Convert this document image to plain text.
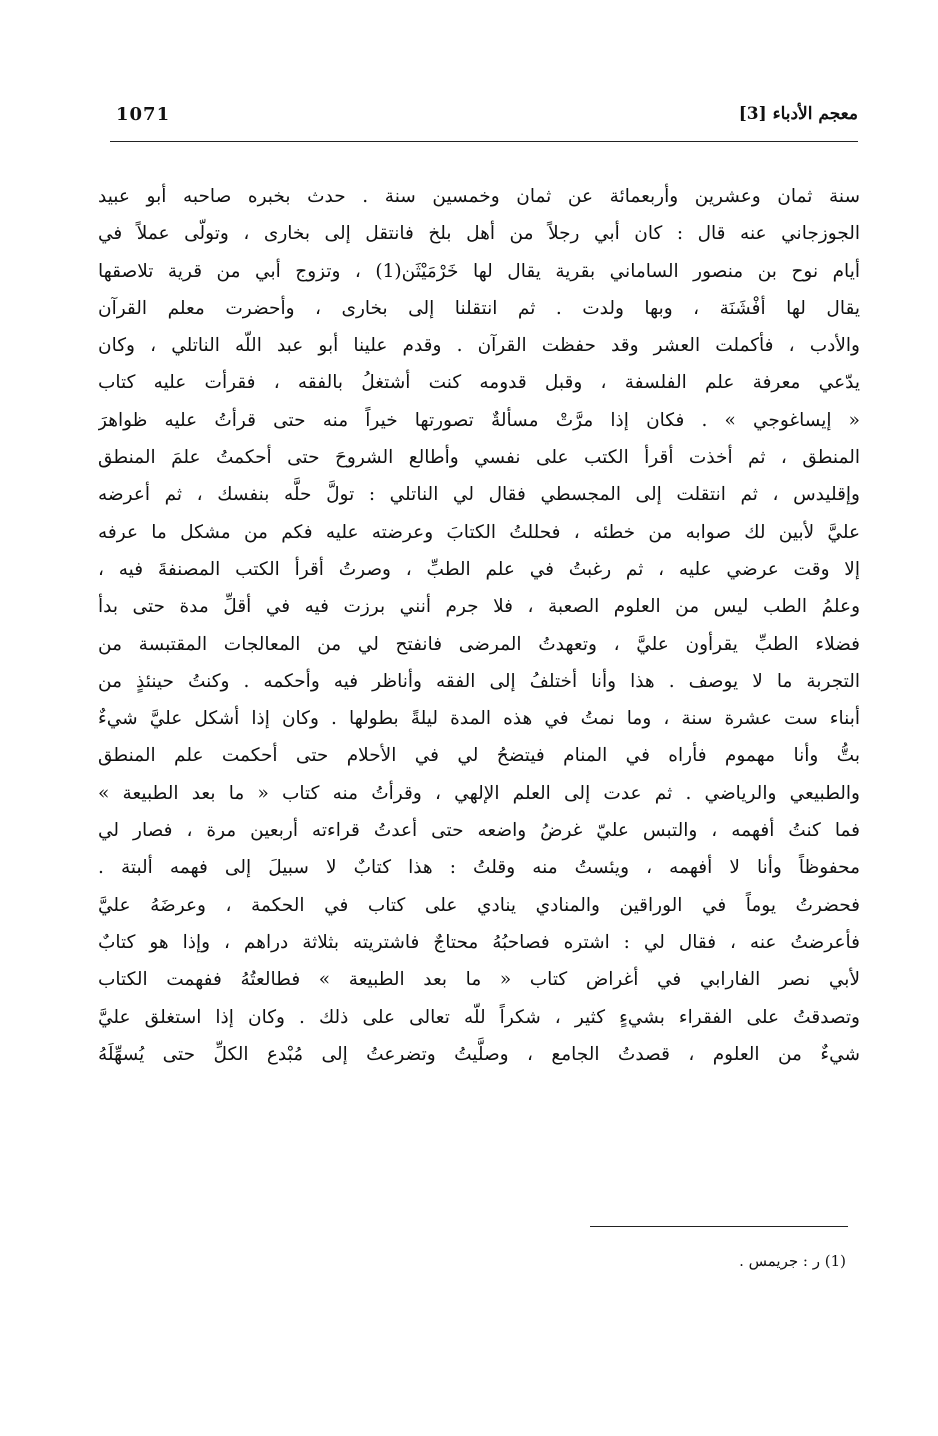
معجم الأدباء [3]
1071
سنة ثمان وعشرين وأربعمائة عن ثمان وخمسين سنة . حدث بخبره صاحبه أبو عبيد
الجوزجاني عنه قال : كان أبي رجلاً من أهل بلخ فانتقل إلى بخارى ، وتولّى عملاً في
أيام نوح بن منصور الساماني بقرية يقال لها خَرْمَيْثَن(1) ، وتزوج أبي من قرية تلاصقها
يقال لها أفْشَنَة ، وبها ولدت . ثم انتقلنا إلى بخارى ، وأحضرت معلم القرآن
والأدب ، فأكملت العشر وقد حفظت القرآن . وقدم علينا أبو عبد اللّه الناتلي ، وكان
يدّعي معرفة علم الفلسفة ، وقبل قدومه كنت أشتغلُ بالفقه ، فقرأت عليه كتاب
« إيساغوجي » . فكان إذا مرَّتْ مسألةٌ تصورتها خيراً منه حتى قرأتُ عليه ظواهرَ
المنطق ، ثم أخذت أقرأ الكتب على نفسي وأطالع الشروحَ حتى أحكمتُ علمَ المنطق
وإقليدس ، ثم انتقلت إلى المجسطي فقال لي الناتلي : تولَّ حلَّه بنفسك ، ثم أعرضه
عليَّ لأبين لك صوابه من خطئه ، فحللتُ الكتابَ وعرضته عليه فكم من مشكل ما عرفه
إلا وقت عرضي عليه ، ثم رغبتُ في علم الطبِّ ، وصرتُ أقرأ الكتب المصنفةَ فيه ،
وعلمُ الطب ليس من العلوم الصعبة ، فلا جرم أنني برزت فيه في أقلِّ مدة حتى بدأ
فضلاء الطبِّ يقرأون عليَّ ، وتعهدتُ المرضى فانفتح لي من المعالجات المقتبسة من
التجربة ما لا يوصف . هذا وأنا أختلفُ إلى الفقه وأناظر فيه وأحكمه . وكنتُ حينئذٍ من
أبناء ست عشرة سنة ، وما نمتُ في هذه المدة ليلةً بطولها . وكان إذا أشكل عليَّ شيءٌ
بتُّ وأنا مهموم فأراه في المنام فيتضحُ لي في الأحلام حتى أحكمت علم المنطق
والطبيعي والرياضي . ثم عدت إلى العلم الإلهي ، وقرأتُ منه كتاب « ما بعد الطبيعة »
فما كنتُ أفهمه ، والتبس عليّ غرضُ واضعه حتى أعدتُ قراءته أربعين مرة ، فصار لي
محفوظاً وأنا لا أفهمه ، ويئستُ منه وقلتُ : هذا كتابٌ لا سبيلَ إلى فهمه ألبتة .
فحضرتُ يوماً في الوراقين والمنادي ينادي على كتاب في الحكمة ، وعرضَهُ عليَّ
فأعرضتُ عنه ، فقال لي : اشتره فصاحبُهُ محتاجٌ فاشتريته بثلاثة دراهم ، وإذا هو كتابٌ
لأبي نصر الفارابي في أغراض كتاب « ما بعد الطبيعة » فطالعتُهُ ففهمت الكتاب
وتصدقتُ على الفقراء بشيءٍ كثير ، شكراً للّه تعالى على ذلك . وكان إذا استغلق عليَّ
شيءٌ من العلوم ، قصدتُ الجامع ، وصلَّيتُ وتضرعتُ إلى مُبْدع الكلِّ حتى يُسهِّلَهُ
(1) ر : جريمس .
